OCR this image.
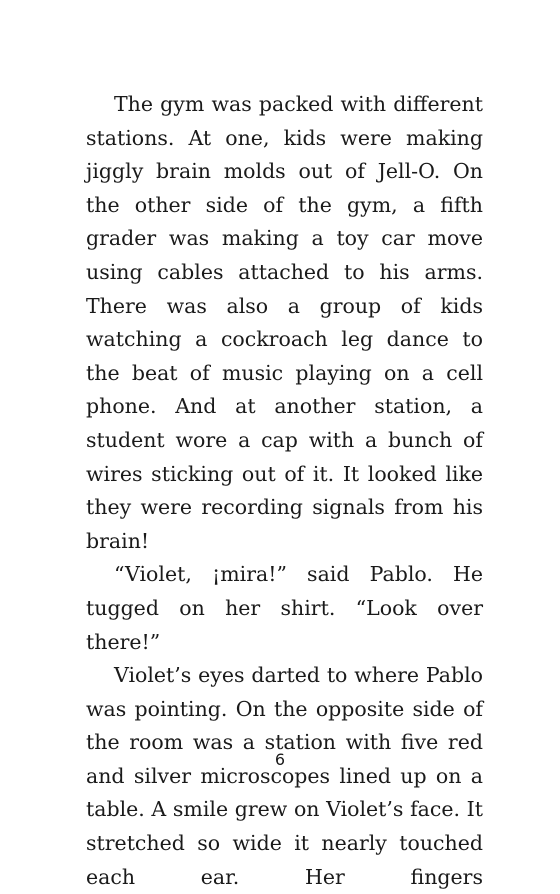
The gym was packed with different stations. At one, kids were making jiggly brain molds out of Jell-O. On the other side of the gym, a fifth grader was making a toy car move using cables attached to his arms. There was also a group of kids watching a cockroach leg dance to the beat of music playing on a cell phone. And at another station, a student wore a cap with a bunch of wires sticking out of it. It looked like they were recording signals from his brain!

“Violet, ¡mira!” said Pablo. He tugged on her shirt. “Look over there!”

Violet’s eyes darted to where Pablo was pointing. On the opposite side of the room was a station with five red and silver microscopes lined up on a table. A smile grew on Violet’s face. It stretched so wide it nearly touched each ear. Her fingers

6
